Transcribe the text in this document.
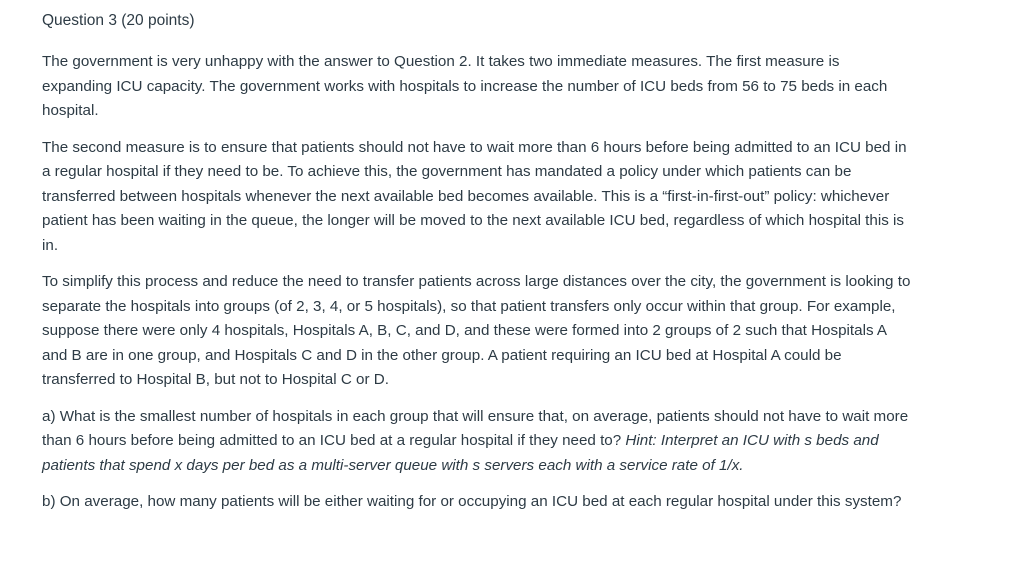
Question 3 (20 points)

The government is very unhappy with the answer to Question 2. It takes two immediate measures. The first measure is expanding ICU capacity. The government works with hospitals to increase the number of ICU beds from 56 to 75 beds in each hospital.

The second measure is to ensure that patients should not have to wait more than 6 hours before being admitted to an ICU bed in a regular hospital if they need to be. To achieve this, the government has mandated a policy under which patients can be transferred between hospitals whenever the next available bed becomes available. This is a “first-in-first-out” policy: whichever patient has been waiting in the queue, the longer will be moved to the next available ICU bed, regardless of which hospital this is in.

To simplify this process and reduce the need to transfer patients across large distances over the city, the government is looking to separate the hospitals into groups (of 2, 3, 4, or 5 hospitals), so that patient transfers only occur within that group. For example, suppose there were only 4 hospitals, Hospitals A, B, C, and D, and these were formed into 2 groups of 2 such that Hospitals A and B are in one group, and Hospitals C and D in the other group. A patient requiring an ICU bed at Hospital A could be transferred to Hospital B, but not to Hospital C or D.

a) What is the smallest number of hospitals in each group that will ensure that, on average, patients should not have to wait more than 6 hours before being admitted to an ICU bed at a regular hospital if they need to? Hint: Interpret an ICU with s beds and patients that spend x days per bed as a multi-server queue with s servers each with a service rate of 1/x.

b) On average, how many patients will be either waiting for or occupying an ICU bed at each regular hospital under this system?
